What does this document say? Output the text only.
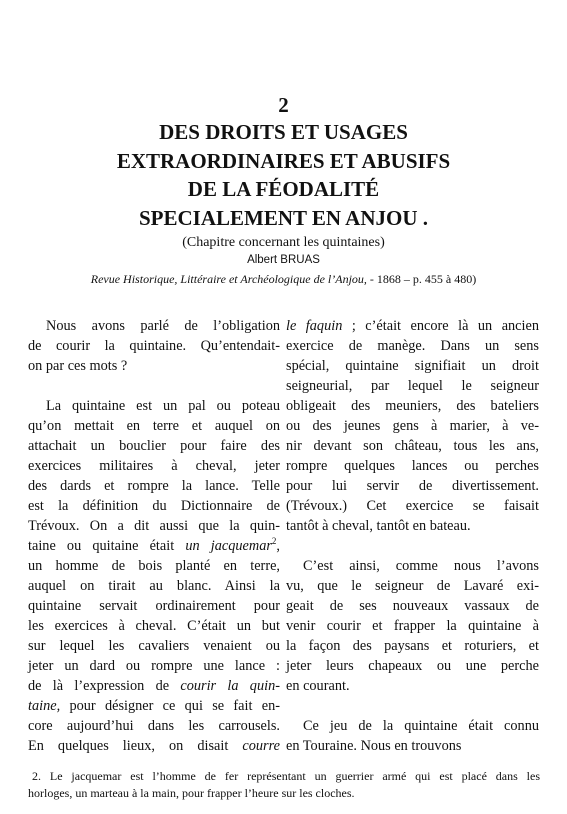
2
DES DROITS ET USAGES
EXTRAORDINAIRES ET ABUSIFS
DE LA FÉODALITÉ
SPECIALEMENT EN ANJOU .
(Chapitre concernant les quintaines)
Albert BRUAS
Revue Historique, Littéraire et Archéologique de l’Anjou, - 1868 – p. 455 à 480)

Nous avons parlé de l’obligation
de courir la quintaine. Qu’entendait-
on par ces mots ?

La quintaine est un pal ou poteau
qu’on mettait en terre et auquel on
attachait un bouclier pour faire des
exercices militaires à cheval, jeter
des dards et rompre la lance. Telle
est la définition du Dictionnaire de
Trévoux. On a dit aussi que la quin-
taine ou quitaine était un jacquemar$^2$,
un homme de bois planté en terre,
auquel on tirait au blanc. Ainsi la
quintaine servait ordinairement pour
les exercices à cheval. C’était un but
sur lequel les cavaliers venaient ou
jeter un dard ou rompre une lance :
de là l’expression de courir la quin-
taine, pour désigner ce qui se fait en-
core aujourd’hui dans les carrousels.
En quelques lieux, on disait courre

le faquin ; c’était encore là un ancien
exercice de manège. Dans un sens
spécial, quintaine signifiait un droit
seigneurial, par lequel le seigneur
obligeait des meuniers, des bateliers
ou des jeunes gens à marier, à ve-
nir devant son château, tous les ans,
rompre quelques lances ou perches
pour lui servir de divertissement.
(Trévoux.) Cet exercice se faisait
tantôt à cheval, tantôt en bateau.

C’est ainsi, comme nous l’avons
vu, que le seigneur de Lavaré exi-
geait de ses nouveaux vassaux de
venir courir et frapper la quintaine à
la façon des paysans et roturiers, et
jeter leurs chapeaux ou une perche
en courant.

Ce jeu de la quintaine était connu
en Touraine. Nous en trouvons

2. Le jacquemar est l’homme de fer représentant un guerrier armé qui est placé dans les
horloges, un marteau à la main, pour frapper l’heure sur les cloches.
